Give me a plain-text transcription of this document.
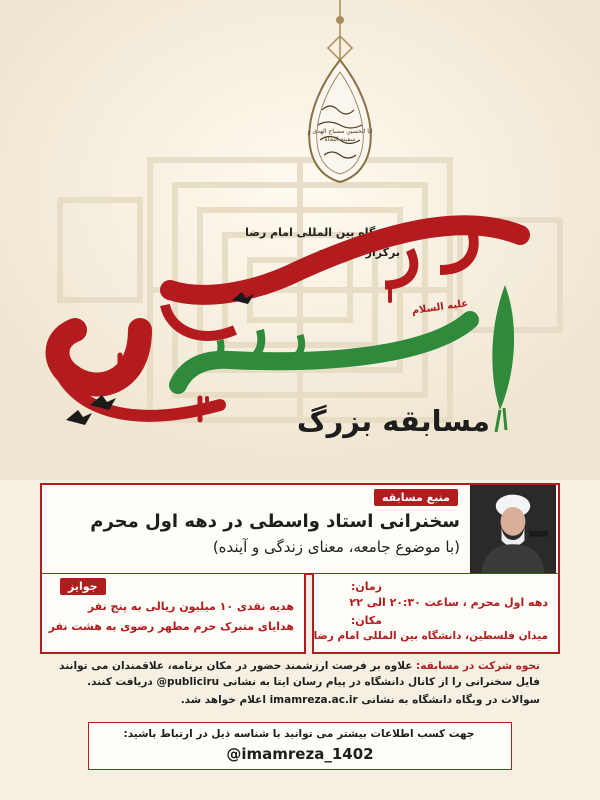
انا الحسین مصباح الهدی و سفینة النجاة
دانشگاه بین المللی امام رضا
برگزار می کند:
علیه السلام
مسابقه بزرگ
منبع مسابقه
سخنرانی استاد واسطی در دهه اول محرم
(با موضوع جامعه، معنای زندگی و آینده)
زمان:
دهه اول محرم ، ساعت ۲۰:۳۰ الی ۲۲
مکان:
میدان فلسطین، دانشگاه بین المللی امام رضا
جوایز
هدیه نقدی ۱۰ میلیون ریالی به پنج نفر
هدایای متبرک حرم مطهر رضوی به هشت نفر
نحوه شرکت در مسابقه: علاوه بر فرصت ارزشمند حضور در مکان برنامه، علاقمندان می توانند
فایل سخنرانی را از کانال دانشگاه در پیام رسان ایتا به نشانی @publiciru دریافت کنند.
سوالات در وبگاه دانشگاه به نشانی imamreza.ac.ir اعلام خواهد شد.
جهت کسب اطلاعات بیشتر می توانید با شناسه ذیل در ارتباط باشید:
@imamreza_1402
